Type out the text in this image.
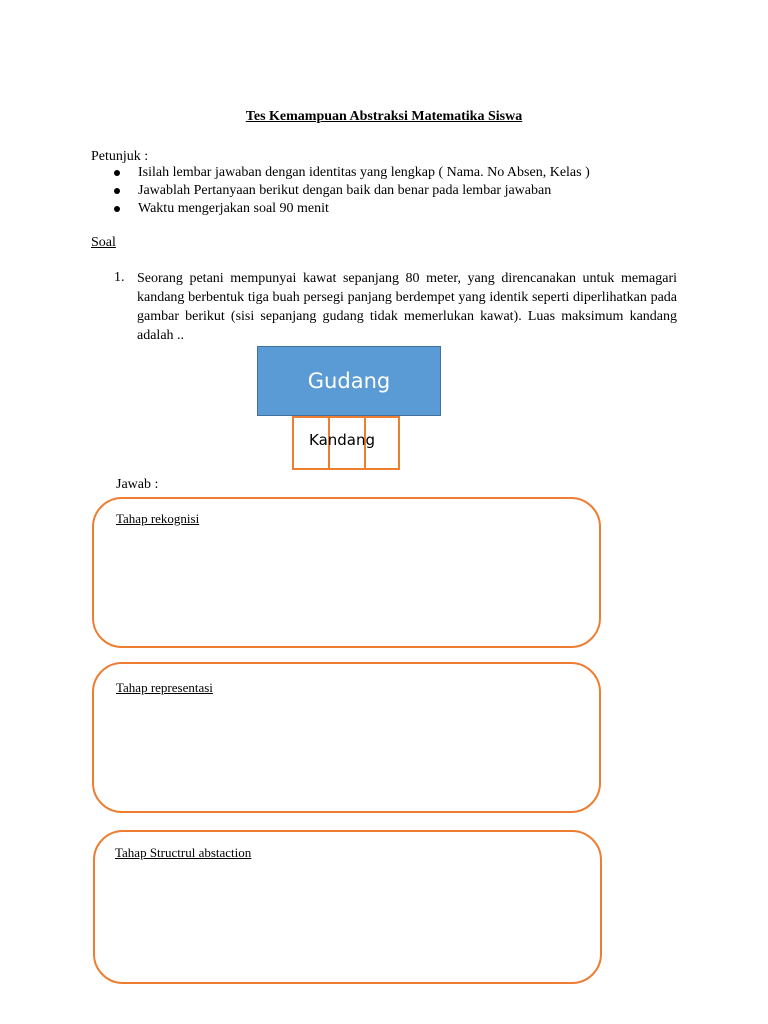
Tes Kemampuan Abstraksi Matematika Siswa
Petunjuk :
Isilah lembar jawaban dengan identitas yang lengkap ( Nama. No Absen, Kelas )
Jawablah Pertanyaan berikut dengan baik dan benar pada lembar jawaban
Waktu mengerjakan soal 90 menit
Soal
1. Seorang petani mempunyai kawat sepanjang 80 meter, yang direncanakan untuk memagari kandang berbentuk tiga buah persegi panjang berdempet yang identik seperti diperlihatkan pada gambar berikut (sisi sepanjang gudang tidak memerlukan kawat). Luas maksimum kandang adalah ..
Gudang
Kandang
Jawab :
Tahap rekognisi
Tahap representasi
Tahap Structrul abstaction
